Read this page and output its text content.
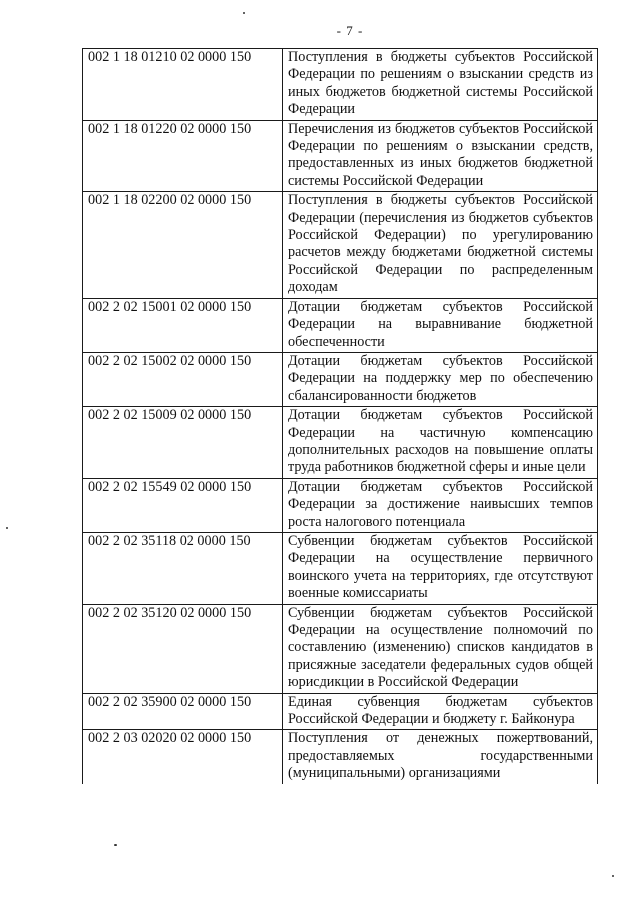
- 7 -
002 1 18 01210 02 0000 150	Поступления в бюджеты субъектов Российской Федерации по решениям о взыскании средств из иных бюджетов бюджетной системы Российской Федерации
002 1 18 01220 02 0000 150	Перечисления из бюджетов субъектов Российской Федерации по решениям о взыскании средств, предоставленных из иных бюджетов бюджетной системы Российской Федерации
002 1 18 02200 02 0000 150	Поступления в бюджеты субъектов Российской Федерации (перечисления из бюджетов субъектов Российской Федерации) по урегулированию расчетов между бюджетами бюджетной системы Российской Федерации по распределенным доходам
002 2 02 15001 02 0000 150	Дотации бюджетам субъектов Российской Федерации на выравнивание бюджетной обеспеченности
002 2 02 15002 02 0000 150	Дотации бюджетам субъектов Российской Федерации на поддержку мер по обеспечению сбалансированности бюджетов
002 2 02 15009 02 0000 150	Дотации бюджетам субъектов Российской Федерации на частичную компенсацию дополнительных расходов на повышение оплаты труда работников бюджетной сферы и иные цели
002 2 02 15549 02 0000 150	Дотации бюджетам субъектов Российской Федерации за достижение наивысших темпов роста налогового потенциала
002 2 02 35118 02 0000 150	Субвенции бюджетам субъектов Российской Федерации на осуществление первичного воинского учета на территориях, где отсутствуют военные комиссариаты
002 2 02 35120 02 0000 150	Субвенции бюджетам субъектов Российской Федерации на осуществление полномочий по составлению (изменению) списков кандидатов в присяжные заседатели федеральных судов общей юрисдикции в Российской Федерации
002 2 02 35900 02 0000 150	Единая субвенция бюджетам субъектов Российской Федерации и бюджету г. Байконура
002 2 03 02020 02 0000 150	Поступления от денежных пожертвований, предоставляемых государственными (муниципальными) организациями
